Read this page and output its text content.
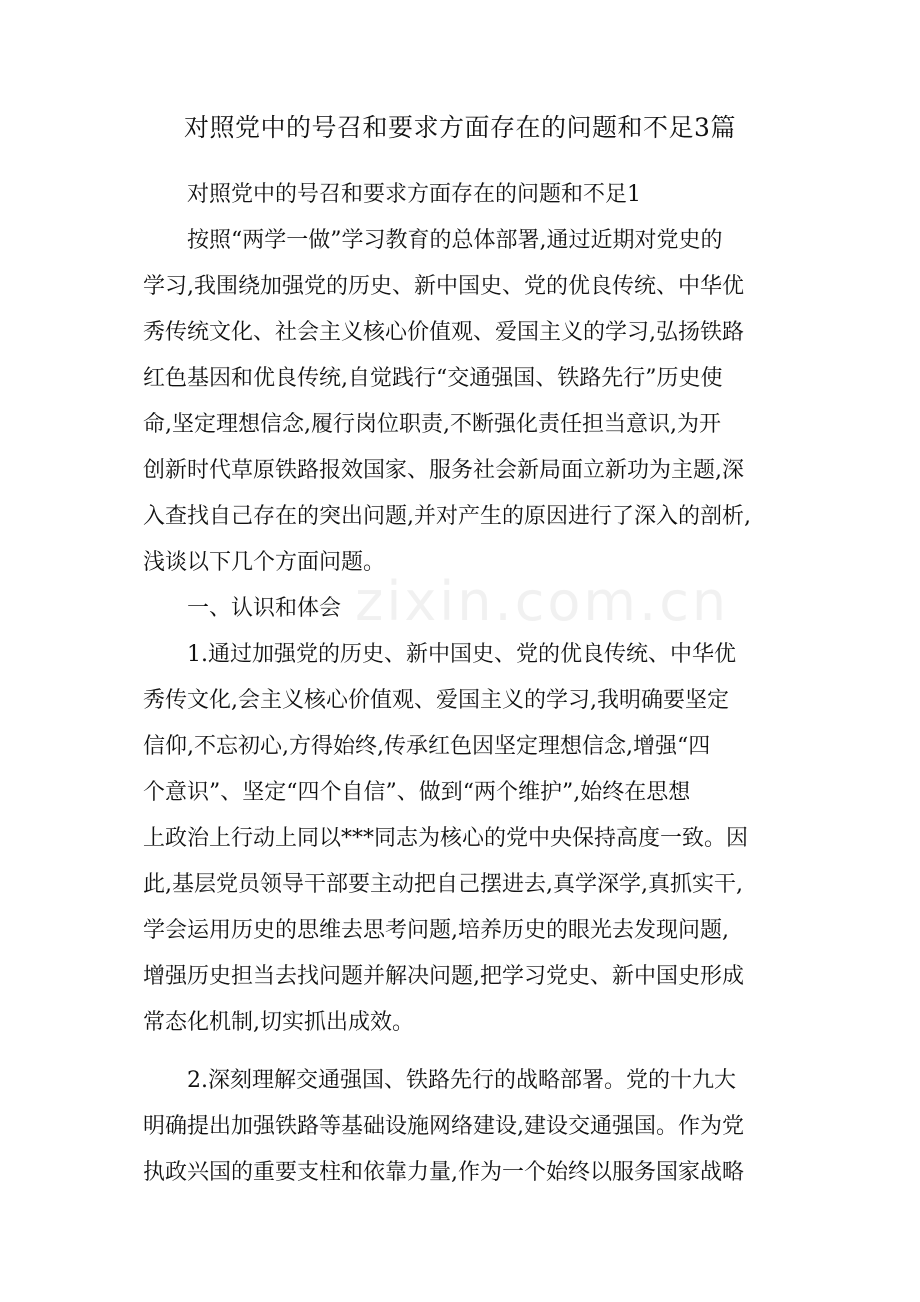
zixin.com.cn
对照党中的号召和要求方面存在的问题和不足3篇

对照党中的号召和要求方面存在的问题和不足1

按照“两学一做”学习教育的总体部署,通过近期对党史的

学习,我围绕加强党的历史、新中国史、党的优良传统、中华优

秀传统文化、社会主义核心价值观、爱国主义的学习,弘扬铁路

红色基因和优良传统,自觉践行“交通强国、铁路先行”历史使

命,坚定理想信念,履行岗位职责,不断强化责任担当意识,为开

创新时代草原铁路报效国家、服务社会新局面立新功为主题,深

入查找自己存在的突出问题,并对产生的原因进行了深入的剖析,

浅谈以下几个方面问题。

一、认识和体会

1.通过加强党的历史、新中国史、党的优良传统、中华优

秀传文化,会主义核心价值观、爱国主义的学习,我明确要坚定

信仰,不忘初心,方得始终,传承红色因坚定理想信念,增强“四

个意识”、坚定“四个自信”、做到“两个维护”,始终在思想

上政治上行动上同以***同志为核心的党中央保持高度一致。因

此,基层党员领导干部要主动把自己摆进去,真学深学,真抓实干,

学会运用历史的思维去思考问题,培养历史的眼光去发现问题,

增强历史担当去找问题并解决问题,把学习党史、新中国史形成

常态化机制,切实抓出成效。

2.深刻理解交通强国、铁路先行的战略部署。党的十九大

明确提出加强铁路等基础设施网络建设,建设交通强国。作为党

执政兴国的重要支柱和依靠力量,作为一个始终以服务国家战略
